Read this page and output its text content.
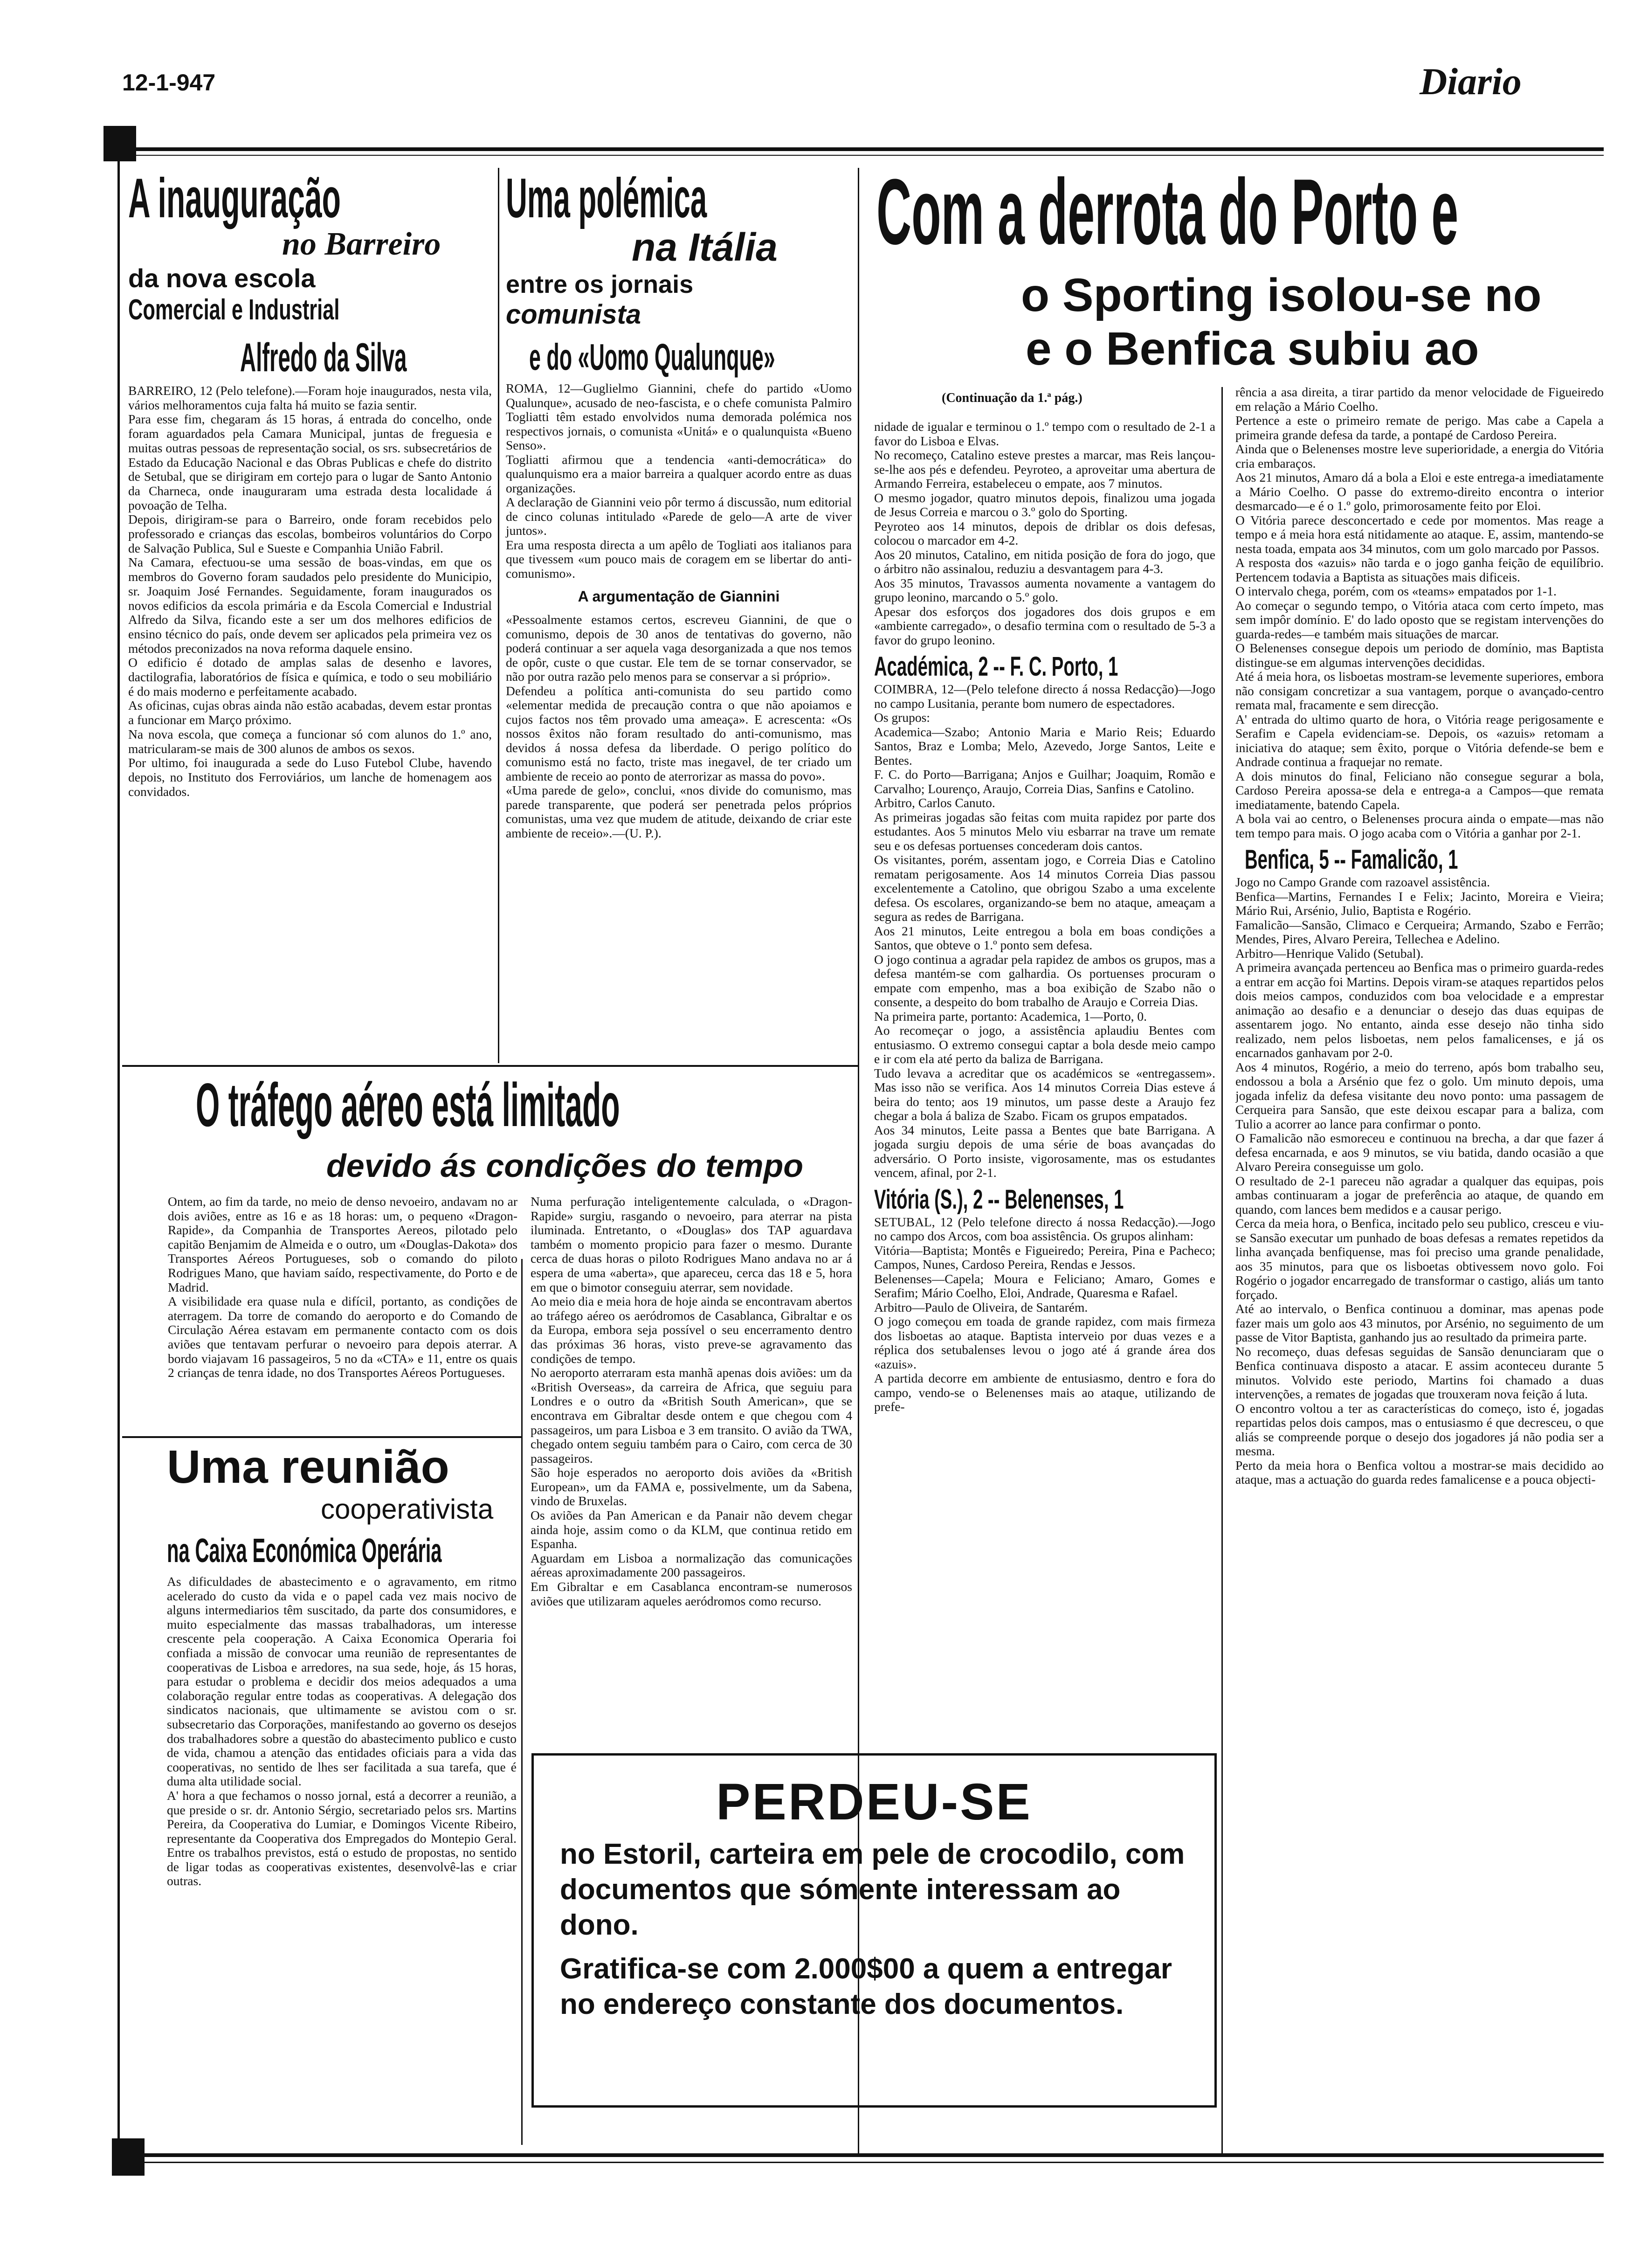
12-1-947	Diario
A inauguração
no Barreiro
da nova escola
Comercial e Industrial
Alfredo da Silva
BARREIRO, 12 (Pelo telefone).—Foram hoje inaugurados, nesta vila, vários melhoramentos cuja falta há muito se fazia sentir.
Para esse fim, chegaram ás 15 horas, á entrada do concelho, onde foram aguardados pela Camara Municipal, juntas de freguesia e muitas outras pessoas de representação social, os srs. subsecretários de Estado da Educação Nacional e das Obras Publicas e chefe do distrito de Setubal, que se dirigiram em cortejo para o lugar de Santo Antonio da Charneca, onde inauguraram uma estrada desta localidade á povoação de Telha.
Depois, dirigiram-se para o Barreiro, onde foram recebidos pelo professorado e crianças das escolas, bombeiros voluntários do Corpo de Salvação Publica, Sul e Sueste e Companhia União Fabril.
Na Camara, efectuou-se uma sessão de boas-vindas, em que os membros do Governo foram saudados pelo presidente do Municipio, sr. Joaquim José Fernandes. Seguidamente, foram inaugurados os novos edificios da escola primária e da Escola Comercial e Industrial Alfredo da Silva, ficando este a ser um dos melhores edificios de ensino técnico do país, onde devem ser aplicados pela primeira vez os métodos preconizados na nova reforma daquele ensino.
O edificio é dotado de amplas salas de desenho e lavores, dactilografia, laboratórios de física e química, e todo o seu mobiliário é do mais moderno e perfeitamente acabado.
As oficinas, cujas obras ainda não estão acabadas, devem estar prontas a funcionar em Março próximo.
Na nova escola, que começa a funcionar só com alunos do 1.º ano, matricularam-se mais de 300 alunos de ambos os sexos.
Por ultimo, foi inaugurada a sede do Luso Futebol Clube, havendo depois, no Instituto dos Ferroviários, um lanche de homenagem aos convidados.
Uma polémica
na Itália
entre os jornais
comunista
e do «Uomo Qualunque»
ROMA, 12—Guglielmo Giannini, chefe do partido «Uomo Qualunque», acusado de neo-fascista, e o chefe comunista Palmiro Togliatti têm estado envolvidos numa demorada polémica nos respectivos jornais, o comunista «Unitá» e o qualunquista «Bueno Senso».
Togliatti afirmou que a tendencia «anti-democrática» do qualunquismo era a maior barreira a qualquer acordo entre as duas organizações.
A declaração de Giannini veio pôr termo á discussão, num editorial de cinco colunas intitulado «Parede de gelo—A arte de viver juntos».
Era uma resposta directa a um apêlo de Togliati aos italianos para que tivessem «um pouco mais de coragem em se libertar do anti-comunismo».
A argumentação de Giannini
«Pessoalmente estamos certos, escreveu Giannini, de que o comunismo, depois de 30 anos de tentativas do governo, não poderá continuar a ser aquela vaga desorganizada a que nos temos de opôr, custe o que custar. Ele tem de se tornar conservador, se não por outra razão pelo menos para se conservar a si próprio».
Defendeu a política anti-comunista do seu partido como «elementar medida de precaução contra o que não apoiamos e cujos factos nos têm provado uma ameaça». E acrescenta: «Os nossos êxitos não foram resultado do anti-comunismo, mas devidos á nossa defesa da liberdade. O perigo político do comunismo está no facto, triste mas inegavel, de ter criado um ambiente de receio ao ponto de aterrorizar as massa do povo».
«Uma parede de gelo», conclui, «nos divide do comunismo, mas parede transparente, que poderá ser penetrada pelos próprios comunistas, uma vez que mudem de atitude, deixando de criar este ambiente de receio».—(U. P.).
O tráfego aéreo está limitado
devido ás condições do tempo
Ontem, ao fim da tarde, no meio de denso nevoeiro, andavam no ar dois aviões, entre as 16 e as 18 horas: um, o pequeno «Dragon-Rapide», da Companhia de Transportes Aereos, pilotado pelo capitão Benjamim de Almeida e o outro, um «Douglas-Dakota» dos Transportes Aéreos Portugueses, sob o comando do piloto Rodrigues Mano, que haviam saído, respectivamente, do Porto e de Madrid.
A visibilidade era quase nula e difícil, portanto, as condições de aterragem. Da torre de comando do aeroporto e do Comando de Circulação Aérea estavam em permanente contacto com os dois aviões que tentavam perfurar o nevoeiro para depois aterrar. A bordo viajavam 16 passageiros, 5 no da «CTA» e 11, entre os quais 2 crianças de tenra idade, no dos Transportes Aéreos Portugueses.
Numa perfuração inteligentemente calculada, o «Dragon-Rapide» surgiu, rasgando o nevoeiro, para aterrar na pista iluminada. Entretanto, o «Douglas» dos TAP aguardava também o momento propicio para fazer o mesmo. Durante cerca de duas horas o piloto Rodrigues Mano andava no ar á espera de uma «aberta», que apareceu, cerca das 18 e 5, hora em que o bimotor conseguiu aterrar, sem novidade.
Ao meio dia e meia hora de hoje ainda se encontravam abertos ao tráfego aéreo os aeródromos de Casablanca, Gibraltar e os da Europa, embora seja possível o seu encerramento dentro das próximas 36 horas, visto preve-se agravamento das condições de tempo.
No aeroporto aterraram esta manhã apenas dois aviões: um da «British Overseas», da carreira de Africa, que seguiu para Londres e o outro da «British South American», que se encontrava em Gibraltar desde ontem e que chegou com 4 passageiros, um para Lisboa e 3 em transito. O avião da TWA, chegado ontem seguiu também para o Cairo, com cerca de 30 passageiros.
São hoje esperados no aeroporto dois aviões da «British European», um da FAMA e, possivelmente, um da Sabena, vindo de Bruxelas.
Os aviões da Pan American e da Panair não devem chegar ainda hoje, assim como o da KLM, que continua retido em Espanha.
Aguardam em Lisboa a normalização das comunicações aéreas aproximadamente 200 passageiros.
Em Gibraltar e em Casablanca encontram-se numerosos aviões que utilizaram aqueles aeródromos como recurso.
Uma reunião
cooperativista
na Caixa Económica Operária
As dificuldades de abastecimento e o agravamento, em ritmo acelerado do custo da vida e o papel cada vez mais nocivo de alguns intermediarios têm suscitado, da parte dos consumidores, e muito especialmente das massas trabalhadoras, um interesse crescente pela cooperação. A Caixa Economica Operaria foi confiada a missão de convocar uma reunião de representantes de cooperativas de Lisboa e arredores, na sua sede, hoje, ás 15 horas, para estudar o problema e decidir dos meios adequados a uma colaboração regular entre todas as cooperativas. A delegação dos sindicatos nacionais, que ultimamente se avistou com o sr. subsecretario das Corporações, manifestando ao governo os desejos dos trabalhadores sobre a questão do abastecimento publico e custo de vida, chamou a atenção das entidades oficiais para a vida das cooperativas, no sentido de lhes ser facilitada a sua tarefa, que é duma alta utilidade social.
A' hora a que fechamos o nosso jornal, está a decorrer a reunião, a que preside o sr. dr. Antonio Sérgio, secretariado pelos srs. Martins Pereira, da Cooperativa do Lumiar, e Domingos Vicente Ribeiro, representante da Cooperativa dos Empregados do Montepio Geral. Entre os trabalhos previstos, está o estudo de propostas, no sentido de ligar todas as cooperativas existentes, desenvolvê-las e criar outras.
Com a derrota do Porto e
o Sporting isolou-se no
e o Benfica subiu ao
(Continuação da 1.ª pág.)
nidade de igualar e terminou o 1.º tempo com o resultado de 2-1 a favor do Lisboa e Elvas.
No recomeço, Catalino esteve prestes a marcar, mas Reis lançou-se-lhe aos pés e defendeu. Peyroteo, a aproveitar uma abertura de Armando Ferreira, estabeleceu o empate, aos 7 minutos.
O mesmo jogador, quatro minutos depois, finalizou uma jogada de Jesus Correia e marcou o 3.º golo do Sporting.
Peyroteo aos 14 minutos, depois de driblar os dois defesas, colocou o marcador em 4-2.
Aos 20 minutos, Catalino, em nitida posição de fora do jogo, que o árbitro não assinalou, reduziu a desvantagem para 4-3.
Aos 35 minutos, Travassos aumenta novamente a vantagem do grupo leonino, marcando o 5.º golo.
Apesar dos esforços dos jogadores dos dois grupos e em «ambiente carregado», o desafio termina com o resultado de 5-3 a favor do grupo leonino.
Académica, 2 -- F. C. Porto, 1
COIMBRA, 12—(Pelo telefone directo á nossa Redacção)—Jogo no campo Lusitania, perante bom numero de espectadores.
Os grupos:
Academica—Szabo; Antonio Maria e Mario Reis; Eduardo Santos, Braz e Lomba; Melo, Azevedo, Jorge Santos, Leite e Bentes.
F. C. do Porto—Barrigana; Anjos e Guilhar; Joaquim, Romão e Carvalho; Lourenço, Araujo, Correia Dias, Sanfins e Catolino.
Arbitro, Carlos Canuto.
As primeiras jogadas são feitas com muita rapidez por parte dos estudantes. Aos 5 minutos Melo viu esbarrar na trave um remate seu e os defesas portuenses concederam dois cantos.
Os visitantes, porém, assentam jogo, e Correia Dias e Catolino rematam perigosamente. Aos 14 minutos Correia Dias passou excelentemente a Catolino, que obrigou Szabo a uma excelente defesa. Os escolares, organizando-se bem no ataque, ameaçam a segura as redes de Barrigana.
Aos 21 minutos, Leite entregou a bola em boas condições a Santos, que obteve o 1.º ponto sem defesa.
O jogo continua a agradar pela rapidez de ambos os grupos, mas a defesa mantém-se com galhardia. Os portuenses procuram o empate com empenho, mas a boa exibição de Szabo não o consente, a despeito do bom trabalho de Araujo e Correia Dias.
Na primeira parte, portanto: Academica, 1—Porto, 0.
Ao recomeçar o jogo, a assistência aplaudiu Bentes com entusiasmo. O extremo consegui captar a bola desde meio campo e ir com ela até perto da baliza de Barrigana.
Tudo levava a acreditar que os académicos se «entregassem». Mas isso não se verifica. Aos 14 minutos Correia Dias esteve á beira do tento; aos 19 minutos, um passe deste a Araujo fez chegar a bola á baliza de Szabo. Ficam os grupos empatados.
Aos 34 minutos, Leite passa a Bentes que bate Barrigana. A jogada surgiu depois de uma série de boas avançadas do adversário. O Porto insiste, vigorosamente, mas os estudantes vencem, afinal, por 2-1.
Vitória (S.), 2 -- Belenenses, 1
SETUBAL, 12 (Pelo telefone directo á nossa Redacção).—Jogo no campo dos Arcos, com boa assistência. Os grupos alinham:
Vitória—Baptista; Montês e Figueiredo; Pereira, Pina e Pacheco; Campos, Nunes, Cardoso Pereira, Rendas e Jessos.
Belenenses—Capela; Moura e Feliciano; Amaro, Gomes e Serafim; Mário Coelho, Eloi, Andrade, Quaresma e Rafael.
Arbitro—Paulo de Oliveira, de Santarém.
O jogo começou em toada de grande rapidez, com mais firmeza dos lisboetas ao ataque. Baptista interveio por duas vezes e a réplica dos setubalenses levou o jogo até á grande área dos «azuis».
A partida decorre em ambiente de entusiasmo, dentro e fora do campo, vendo-se o Belenenses mais ao ataque, utilizando de prefe-
rência a asa direita, a tirar partido da menor velocidade de Figueiredo em relação a Mário Coelho.
Pertence a este o primeiro remate de perigo. Mas cabe a Capela a primeira grande defesa da tarde, a pontapé de Cardoso Pereira.
Ainda que o Belenenses mostre leve superioridade, a energia do Vitória cria embaraços.
Aos 21 minutos, Amaro dá a bola a Eloi e este entrega-a imediatamente a Mário Coelho. O passe do extremo-direito encontra o interior desmarcado—e é o 1.º golo, primorosamente feito por Eloi.
O Vitória parece desconcertado e cede por momentos. Mas reage a tempo e á meia hora está nitidamente ao ataque. E, assim, mantendo-se nesta toada, empata aos 34 minutos, com um golo marcado por Passos.
A resposta dos «azuis» não tarda e o jogo ganha feição de equilíbrio. Pertencem todavia a Baptista as situações mais dificeis.
O intervalo chega, porém, com os «teams» empatados por 1-1.
Ao começar o segundo tempo, o Vitória ataca com certo ímpeto, mas sem impôr domínio. E' do lado oposto que se registam intervenções do guarda-redes—e também mais situações de marcar.
O Belenenses consegue depois um periodo de domínio, mas Baptista distingue-se em algumas intervenções decididas.
Até á meia hora, os lisboetas mostram-se levemente superiores, embora não consigam concretizar a sua vantagem, porque o avançado-centro remata mal, fracamente e sem direcção.
A' entrada do ultimo quarto de hora, o Vitória reage perigosamente e Serafim e Capela evidenciam-se. Depois, os «azuis» retomam a iniciativa do ataque; sem êxito, porque o Vitória defende-se bem e Andrade continua a fraquejar no remate.
A dois minutos do final, Feliciano não consegue segurar a bola, Cardoso Pereira apossa-se dela e entrega-a a Campos—que remata imediatamente, batendo Capela.
A bola vai ao centro, o Belenenses procura ainda o empate—mas não tem tempo para mais. O jogo acaba com o Vitória a ganhar por 2-1.
Benfica, 5 -- Famalicão, 1
Jogo no Campo Grande com razoavel assistência.
Benfica—Martins, Fernandes I e Felix; Jacinto, Moreira e Vieira; Mário Rui, Arsénio, Julio, Baptista e Rogério.
Famalicão—Sansão, Climaco e Cerqueira; Armando, Szabo e Ferrão; Mendes, Pires, Alvaro Pereira, Tellechea e Adelino.
Arbitro—Henrique Valido (Setubal).
A primeira avançada pertenceu ao Benfica mas o primeiro guarda-redes a entrar em acção foi Martins. Depois viram-se ataques repartidos pelos dois meios campos, conduzidos com boa velocidade e a emprestar animação ao desafio e a denunciar o desejo das duas equipas de assentarem jogo. No entanto, ainda esse desejo não tinha sido realizado, nem pelos lisboetas, nem pelos famalicenses, e já os encarnados ganhavam por 2-0.
Aos 4 minutos, Rogério, a meio do terreno, após bom trabalho seu, endossou a bola a Arsénio que fez o golo. Um minuto depois, uma jogada infeliz da defesa visitante deu novo ponto: uma passagem de Cerqueira para Sansão, que este deixou escapar para a baliza, com Tulio a acorrer ao lance para confirmar o ponto.
O Famalicão não esmoreceu e continuou na brecha, a dar que fazer á defesa encarnada, e aos 9 minutos, se viu batida, dando ocasião a que Alvaro Pereira conseguisse um golo.
O resultado de 2-1 pareceu não agradar a qualquer das equipas, pois ambas continuaram a jogar de preferência ao ataque, de quando em quando, com lances bem medidos e a causar perigo.
Cerca da meia hora, o Benfica, incitado pelo seu publico, cresceu e viu-se Sansão executar um punhado de boas defesas a remates repetidos da linha avançada benfiquense, mas foi preciso uma grande penalidade, aos 35 minutos, para que os lisboetas obtivessem novo golo. Foi Rogério o jogador encarregado de transformar o castigo, aliás um tanto forçado.
Até ao intervalo, o Benfica continuou a dominar, mas apenas pode fazer mais um golo aos 43 minutos, por Arsénio, no seguimento de um passe de Vitor Baptista, ganhando jus ao resultado da primeira parte.
No recomeço, duas defesas seguidas de Sansão denunciaram que o Benfica continuava disposto a atacar. E assim aconteceu durante 5 minutos. Volvido este periodo, Martins foi chamado a duas intervenções, a remates de jogadas que trouxeram nova feição á luta.
O encontro voltou a ter as características do começo, isto é, jogadas repartidas pelos dois campos, mas o entusiasmo é que decresceu, o que aliás se compreende porque o desejo dos jogadores já não podia ser a mesma.
Perto da meia hora o Benfica voltou a mostrar-se mais decidido ao ataque, mas a actuação do guarda redes famalicense e a pouca objecti-
PERDEU-SE
no Estoril, carteira em pele de crocodilo, com documentos que sómente interessam ao dono.
Gratifica-se com 2.000$00 a quem a entregar no endereço constante dos documentos.
